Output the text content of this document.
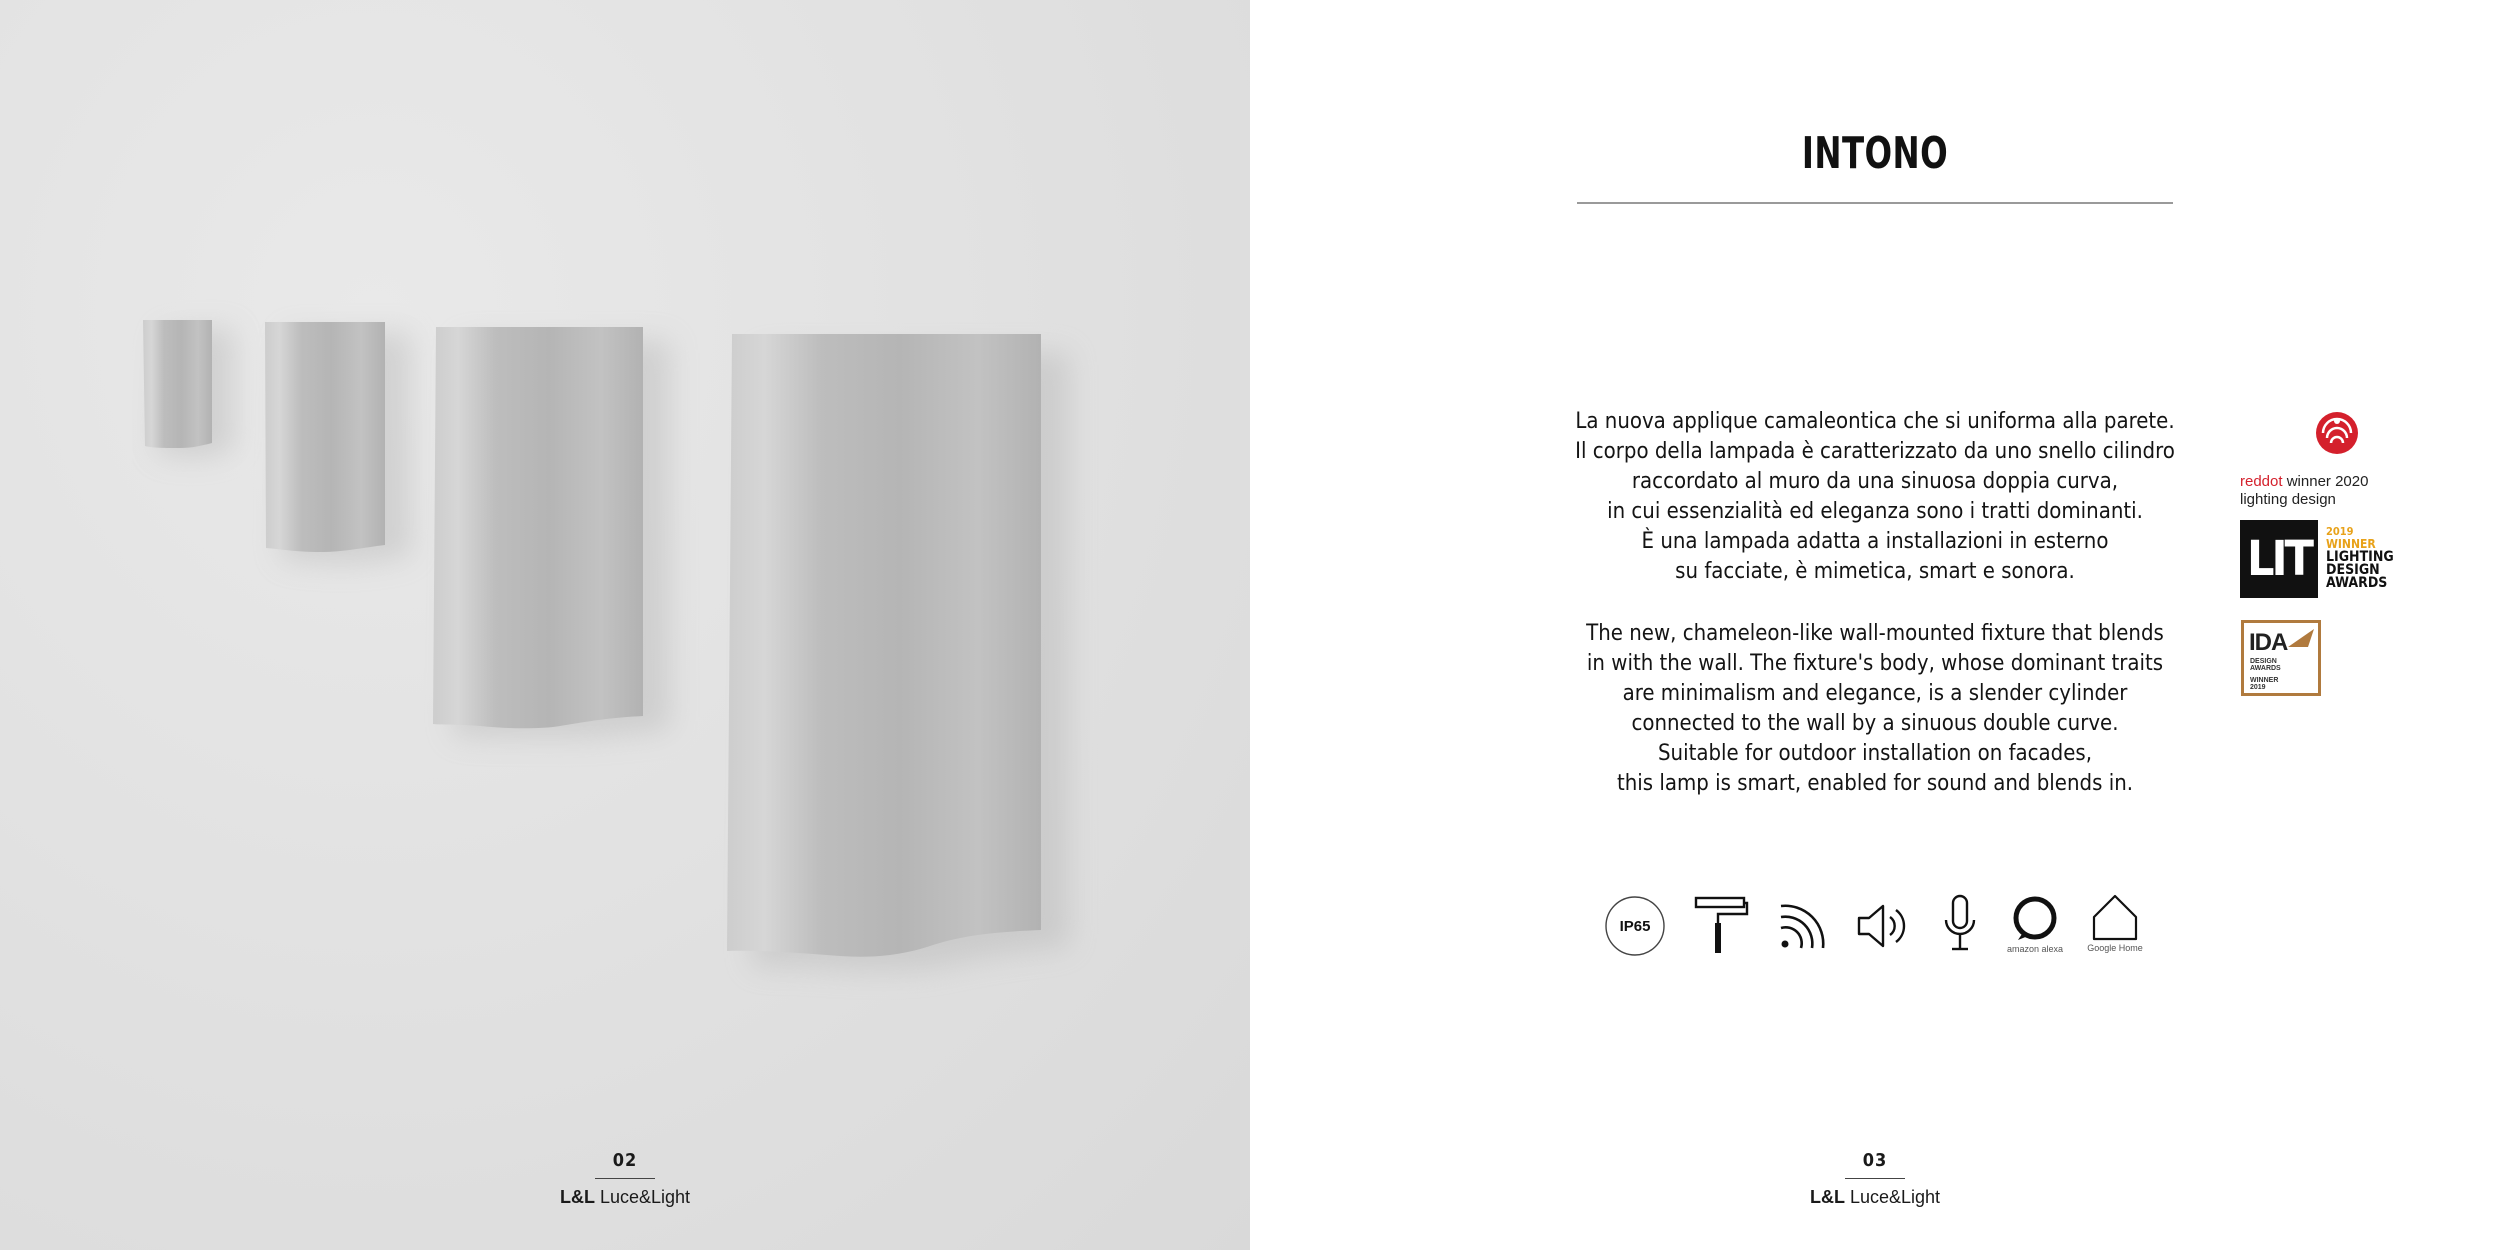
02
L&L Luce&Light
INTONO
La nuova applique camaleontica che si uniforma alla parete.
Il corpo della lampada è caratterizzato da uno snello cilindro
raccordato al muro da una sinuosa doppia curva,
in cui essenzialità ed eleganza sono i tratti dominanti.
È una lampada adatta a installazioni in esterno
su facciate, è mimetica, smart e sonora.
The new, chameleon-like wall-mounted fixture that blends
in with the wall. The fixture's body, whose dominant traits
are minimalism and elegance, is a slender cylinder
connected to the wall by a sinuous double curve.
Suitable for outdoor installation on facades,
this lamp is smart, enabled for sound and blends in.
reddot winner 2020
lighting design
LIT	2019
WINNER
LIGHTING
DESIGN
AWARDS
IDA
DESIGN
AWARDS
WINNER
2019
IP65
amazon alexa	Google Home
03
L&L Luce&Light
